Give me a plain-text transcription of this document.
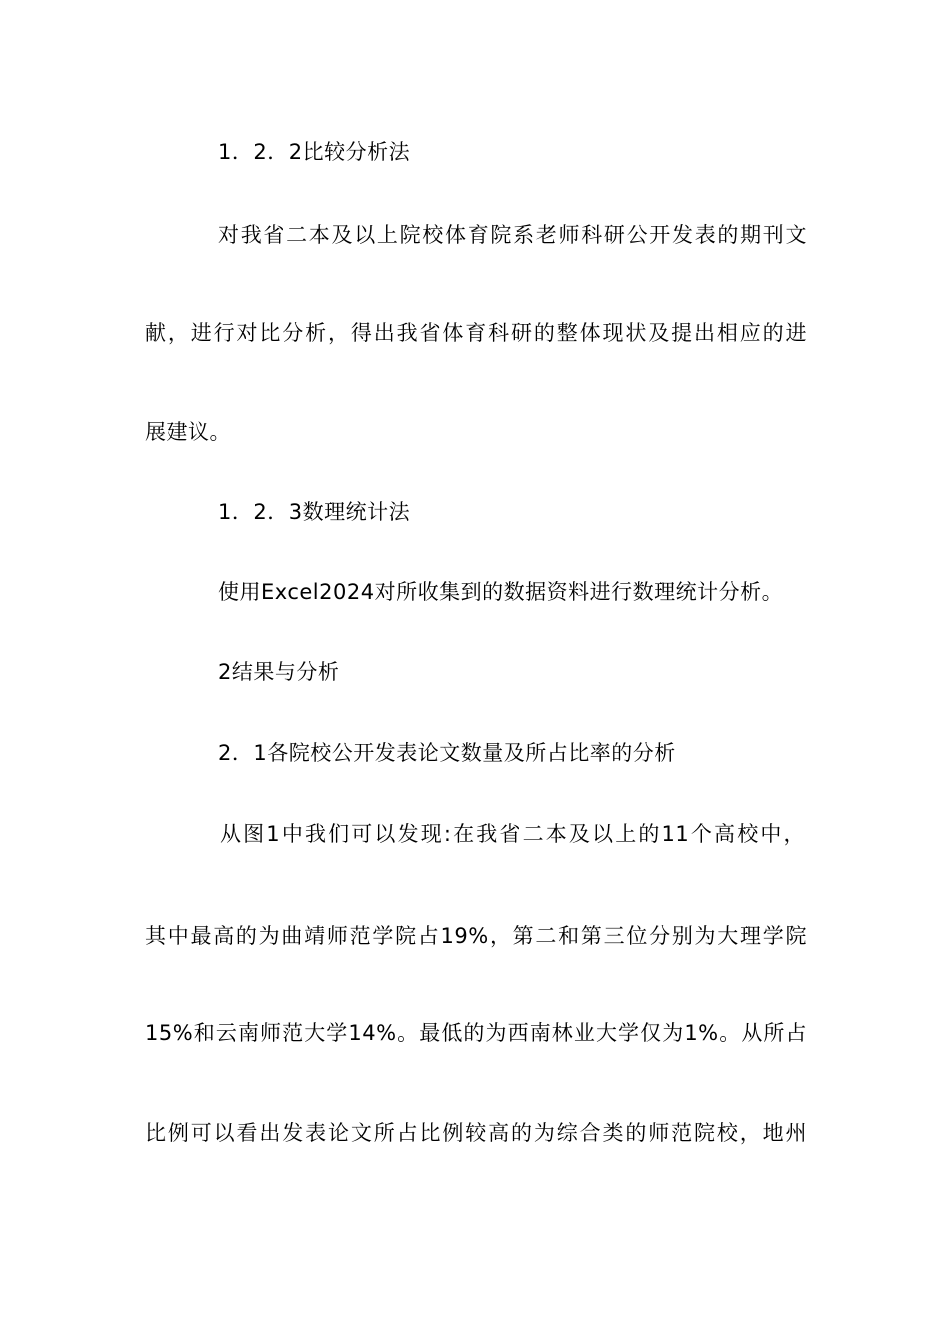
1．2．2比较分析法
对我省二本及以上院校体育院系老师科研公开发表的期刊文
献，进行对比分析，得出我省体育科研的整体现状及提出相应的进
展建议。
1．2．3数理统计法
使用Excel2024对所收集到的数据资料进行数理统计分析。
2结果与分析
2．1各院校公开发表论文数量及所占比率的分析
从图1中我们可以发现:在我省二本及以上的11个高校中，
其中最高的为曲靖师范学院占19%，第二和第三位分别为大理学院
15%和云南师范大学14%。最低的为西南林业大学仅为1%。从所占
比例可以看出发表论文所占比例较高的为综合类的师范院校，地州
